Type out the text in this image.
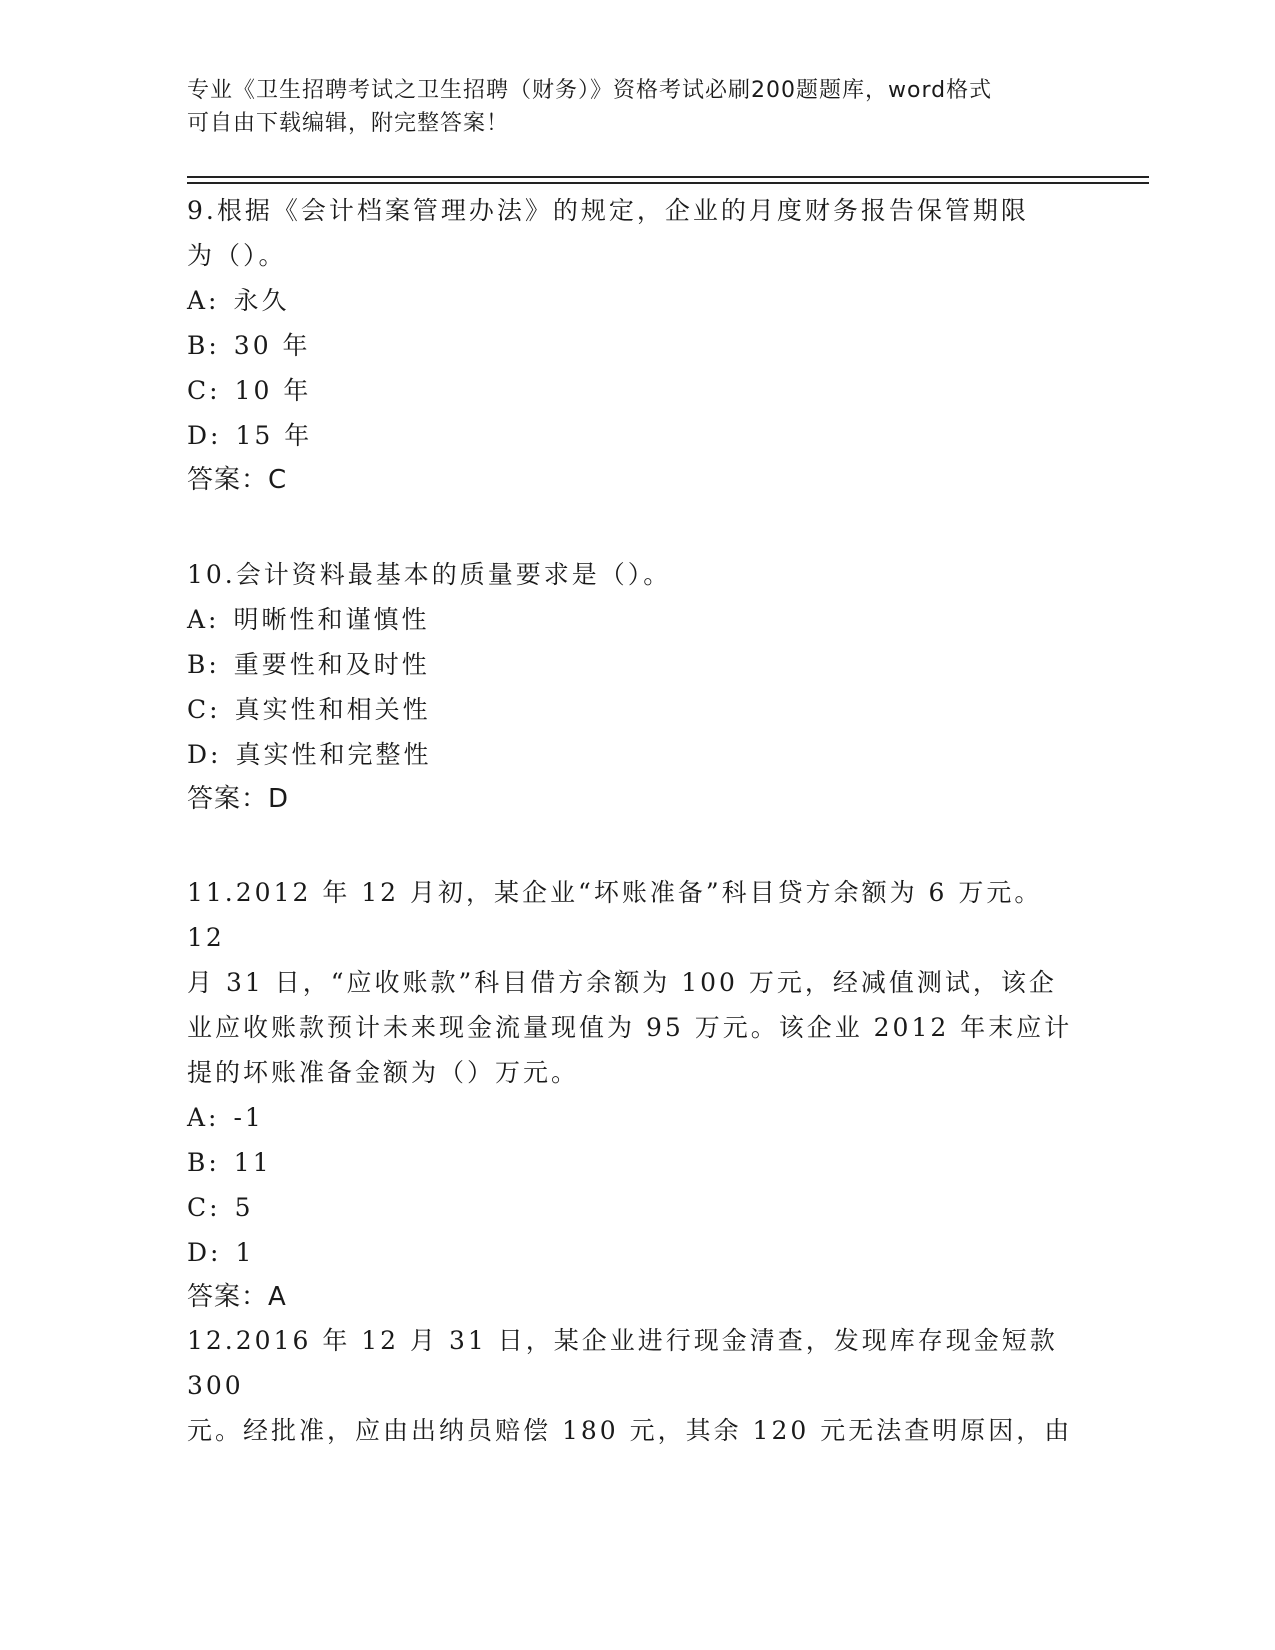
专业《卫生招聘考试之卫生招聘（财务）》资格考试必刷200题题库，word格式
可自由下载编辑，附完整答案！
9.根据《会计档案管理办法》的规定，企业的月度财务报告保管期限
为（）。
A: 永久
B: 30 年
C: 10 年
D: 15 年
答案：C
10.会计资料最基本的质量要求是（）。
A: 明晰性和谨慎性
B: 重要性和及时性
C: 真实性和相关性
D: 真实性和完整性
答案：D
11.2012 年 12 月初，某企业“坏账准备”科目贷方余额为 6 万元。12
月 31 日，“应收账款”科目借方余额为 100 万元，经减值测试，该企
业应收账款预计未来现金流量现值为 95 万元。该企业 2012 年末应计
提的坏账准备金额为（）万元。
A: -1
B: 11
C: 5
D: 1
答案：A
12.2016 年 12 月 31 日，某企业进行现金清查，发现库存现金短款 300
元。经批准，应由出纳员赔偿 180 元，其余 120 元无法查明原因，由
